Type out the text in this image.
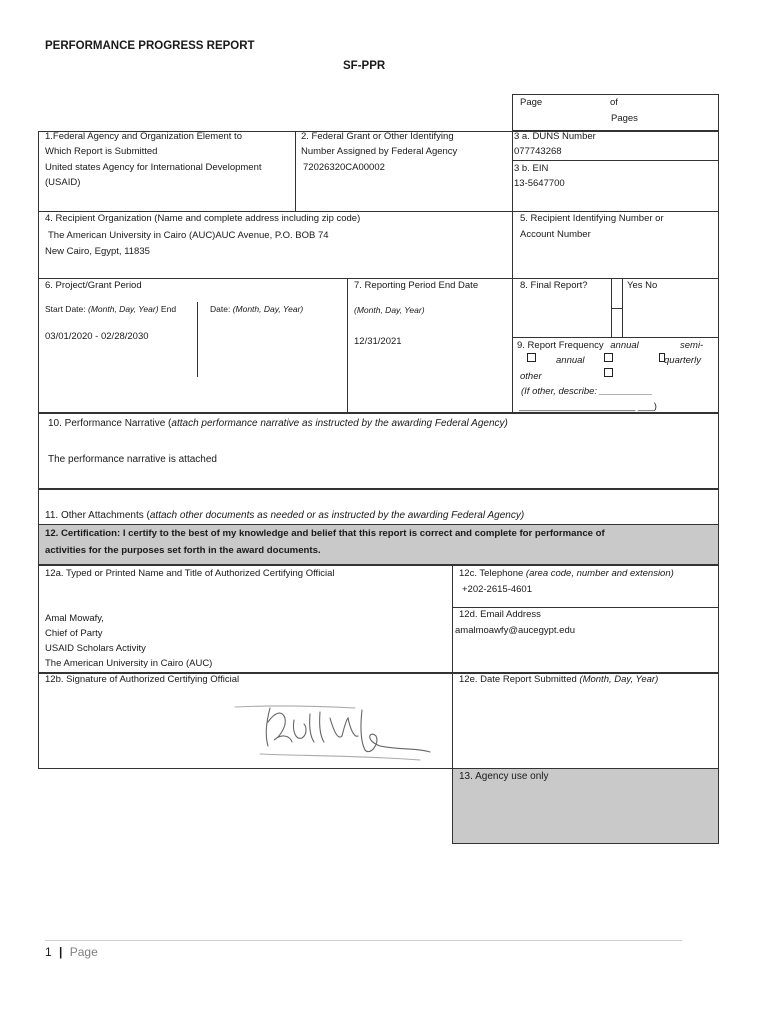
PERFORMANCE PROGRESS REPORT
SF-PPR
Page	of
Pages
1.Federal Agency and Organization Element to
Which Report is Submitted
United states Agency for International Development
(USAID)
2. Federal Grant or Other Identifying
Number Assigned by Federal Agency
72026320CA00002
3 a. DUNS Number
077743268
3 b. EIN
13-5647700
4. Recipient Organization (Name and complete address including zip code)
The American University in Cairo (AUC)AUC Avenue, P.O. BOB 74
New Cairo, Egypt, 11835
5. Recipient Identifying Number or
Account Number
6. Project/Grant Period
Start Date: (Month, Day, Year) End	Date: (Month, Day, Year)
03/01/2020 - 02/28/2030
7. Reporting Period End Date
(Month, Day, Year)
12/31/2021
8. Final Report?	Yes No
9. Report Frequency annual	semi-
annual	quarterly
other
(If other, describe: __________
______________________ ___)
10. Performance Narrative (attach performance narrative as instructed by the awarding Federal Agency)
The performance narrative is attached
11. Other Attachments (attach other documents as needed or as instructed by the awarding Federal Agency)
12. Certification: I certify to the best of my knowledge and belief that this report is correct and complete for performance of
activities for the purposes set forth in the award documents.
12a. Typed or Printed Name and Title of Authorized Certifying Official
Amal Mowafy,
Chief of Party
USAID Scholars Activity
The American University in Cairo (AUC)
12c. Telephone (area code, number and extension)
+202-2615-4601
12d. Email Address
amalmoawfy@aucegypt.edu
12b. Signature of Authorized Certifying Official	12e. Date Report Submitted (Month, Day, Year)
13. Agency use only
1 | Page
